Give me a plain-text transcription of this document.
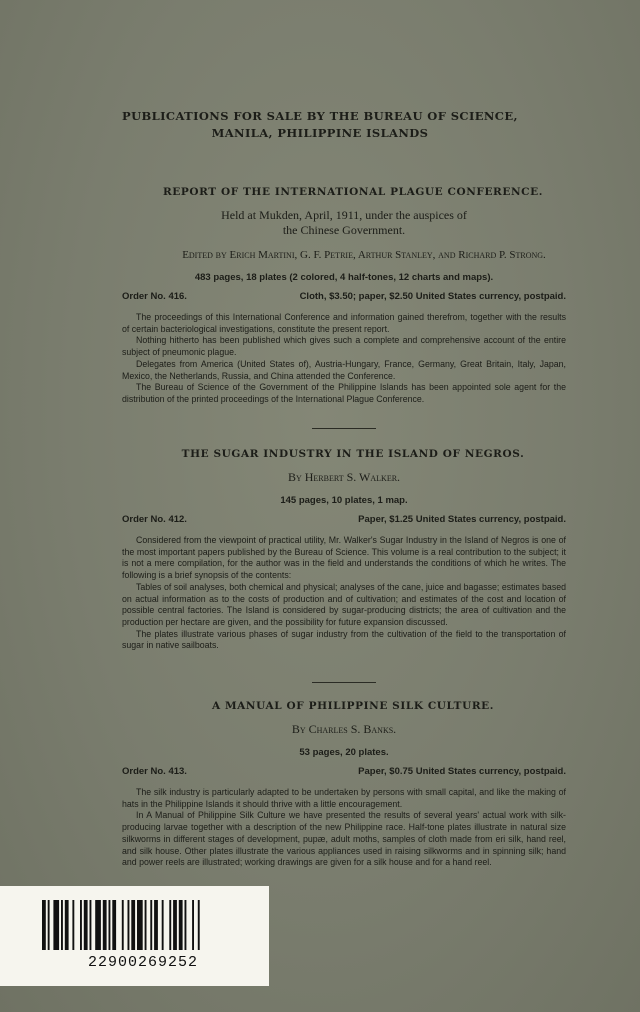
PUBLICATIONS FOR SALE BY THE BUREAU OF SCIENCE,
MANILA, PHILIPPINE ISLANDS
REPORT OF THE INTERNATIONAL PLAGUE CONFERENCE.
Held at Mukden, April, 1911, under the auspices of
the Chinese Government.
Edited by Erich Martini, G. F. Petrie, Arthur Stanley, and Richard P. Strong.
483 pages, 18 plates (2 colored, 4 half-tones, 12 charts and maps).
Order No. 416.	Cloth, $3.50; paper, $2.50 United States currency, postpaid.

The proceedings of this International Conference and information gained therefrom, together with the results of certain bacteriological investigations, constitute the present report.

Nothing hitherto has been published which gives such a complete and comprehensive account of the entire subject of pneumonic plague.

Delegates from America (United States of), Austria-Hungary, France, Germany, Great Britain, Italy, Japan, Mexico, the Netherlands, Russia, and China attended the Conference.

The Bureau of Science of the Government of the Philippine Islands has been appointed sole agent for the distribution of the printed proceedings of the International Plague Conference.

THE SUGAR INDUSTRY IN THE ISLAND OF NEGROS.
By Herbert S. Walker.
145 pages, 10 plates, 1 map.
Order No. 412.	Paper, $1.25 United States currency, postpaid.

Considered from the viewpoint of practical utility, Mr. Walker's Sugar Industry in the Island of Negros is one of the most important papers published by the Bureau of Science. This volume is a real contribution to the subject; it is not a mere compilation, for the author was in the field and understands the conditions of which he writes. The following is a brief synopsis of the contents:

Tables of soil analyses, both chemical and physical; analyses of the cane, juice and bagasse; estimates based on actual information as to the costs of production and of cultivation; and estimates of the cost and location of possible central factories. The Island is considered by sugar-producing districts; the area of cultivation and the production per hectare are given, and the possibility for future expansion discussed.

The plates illustrate various phases of sugar industry from the cultivation of the field to the transportation of sugar in native sailboats.

A MANUAL OF PHILIPPINE SILK CULTURE.
By Charles S. Banks.
53 pages, 20 plates.
Order No. 413.	Paper, $0.75 United States currency, postpaid.

The silk industry is particularly adapted to be undertaken by persons with small capital, and like the making of hats in the Philippine Islands it should thrive with a little encouragement.

In A Manual of Philippine Silk Culture we have presented the results of several years' actual work with silk-producing larvae together with a description of the new Philippine race. Half-tone plates illustrate in natural size silkworms in different stages of development, pupæ, adult moths, samples of cloth made from eri silk, hand reel, and silk house. Other plates illustrate the various appliances used in raising silkworms and in spinning silk; hand and power reels are illustrated; working drawings are given for a silk house and for a hand reel.

22900269252
